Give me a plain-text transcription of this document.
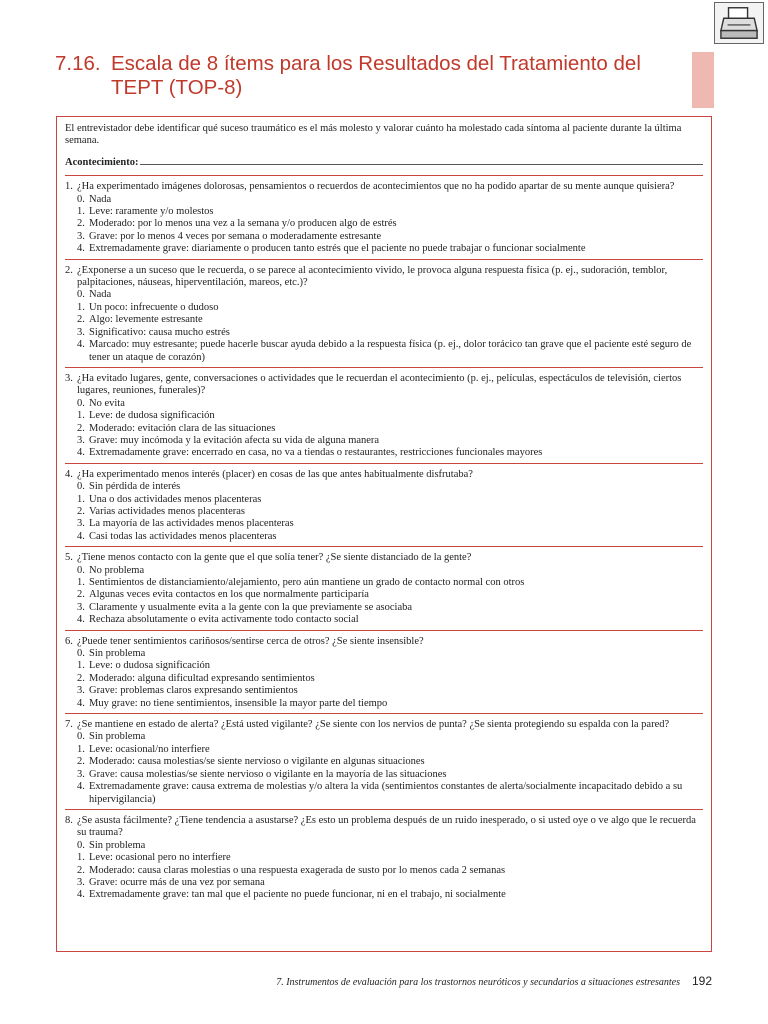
7.16. Escala de 8 ítems para los Resultados del Tratamiento del TEPT (TOP-8)

El entrevistador debe identificar qué suceso traumático es el más molesto y valorar cuánto ha molestado cada síntoma al paciente durante la última semana.

Acontecimiento:
1. ¿Ha experimentado imágenes dolorosas, pensamientos o recuerdos de acontecimientos que no ha podido apartar de su mente aunque quisiera?
0. Nada
1. Leve: raramente y/o molestos
2. Moderado: por lo menos una vez a la semana y/o producen algo de estrés
3. Grave: por lo menos 4 veces por semana o moderadamente estresante
4. Extremadamente grave: diariamente o producen tanto estrés que el paciente no puede trabajar o funcionar socialmente
2. ¿Exponerse a un suceso que le recuerda, o se parece al acontecimiento vivido, le provoca alguna respuesta física (p. ej., sudoración, temblor, palpitaciones, náuseas, hiperventilación, mareos, etc.)?
0. Nada
1. Un poco: infrecuente o dudoso
2. Algo: levemente estresante
3. Significativo: causa mucho estrés
4. Marcado: muy estresante; puede hacerle buscar ayuda debido a la respuesta física (p. ej., dolor torácico tan grave que el paciente esté seguro de tener un ataque de corazón)
3. ¿Ha evitado lugares, gente, conversaciones o actividades que le recuerdan el acontecimiento (p. ej., películas, espectáculos de televisión, ciertos lugares, reuniones, funerales)?
0. No evita
1. Leve: de dudosa significación
2. Moderado: evitación clara de las situaciones
3. Grave: muy incómoda y la evitación afecta su vida de alguna manera
4. Extremadamente grave: encerrado en casa, no va a tiendas o restaurantes, restricciones funcionales mayores
4. ¿Ha experimentado menos interés (placer) en cosas de las que antes habitualmente disfrutaba?
0. Sin pérdida de interés
1. Una o dos actividades menos placenteras
2. Varias actividades menos placenteras
3. La mayoría de las actividades menos placenteras
4. Casi todas las actividades menos placenteras
5. ¿Tiene menos contacto con la gente que el que solía tener? ¿Se siente distanciado de la gente?
0. No problema
1. Sentimientos de distanciamiento/alejamiento, pero aún mantiene un grado de contacto normal con otros
2. Algunas veces evita contactos en los que normalmente participaría
3. Claramente y usualmente evita a la gente con la que previamente se asociaba
4. Rechaza absolutamente o evita activamente todo contacto social
6. ¿Puede tener sentimientos cariñosos/sentirse cerca de otros? ¿Se siente insensible?
0. Sin problema
1. Leve: o dudosa significación
2. Moderado: alguna dificultad expresando sentimientos
3. Grave: problemas claros expresando sentimientos
4. Muy grave: no tiene sentimientos, insensible la mayor parte del tiempo
7. ¿Se mantiene en estado de alerta? ¿Está usted vigilante? ¿Se siente con los nervios de punta? ¿Se sienta protegiendo su espalda con la pared?
0. Sin problema
1. Leve: ocasional/no interfiere
2. Moderado: causa molestias/se siente nervioso o vigilante en algunas situaciones
3. Grave: causa molestias/se siente nervioso o vigilante en la mayoría de las situaciones
4. Extremadamente grave: causa extrema de molestias y/o altera la vida (sentimientos constantes de alerta/socialmente incapacitado debido a su hipervigilancia)
8. ¿Se asusta fácilmente? ¿Tiene tendencia a asustarse? ¿Es esto un problema después de un ruido inesperado, o si usted oye o ve algo que le recuerda su trauma?
0. Sin problema
1. Leve: ocasional pero no interfiere
2. Moderado: causa claras molestias o una respuesta exagerada de susto por lo menos cada 2 semanas
3. Grave: ocurre más de una vez por semana
4. Extremadamente grave: tan mal que el paciente no puede funcionar, ni en el trabajo, ni socialmente
7. Instrumentos de evaluación para los trastornos neuróticos y secundarios a situaciones estresantes 192
